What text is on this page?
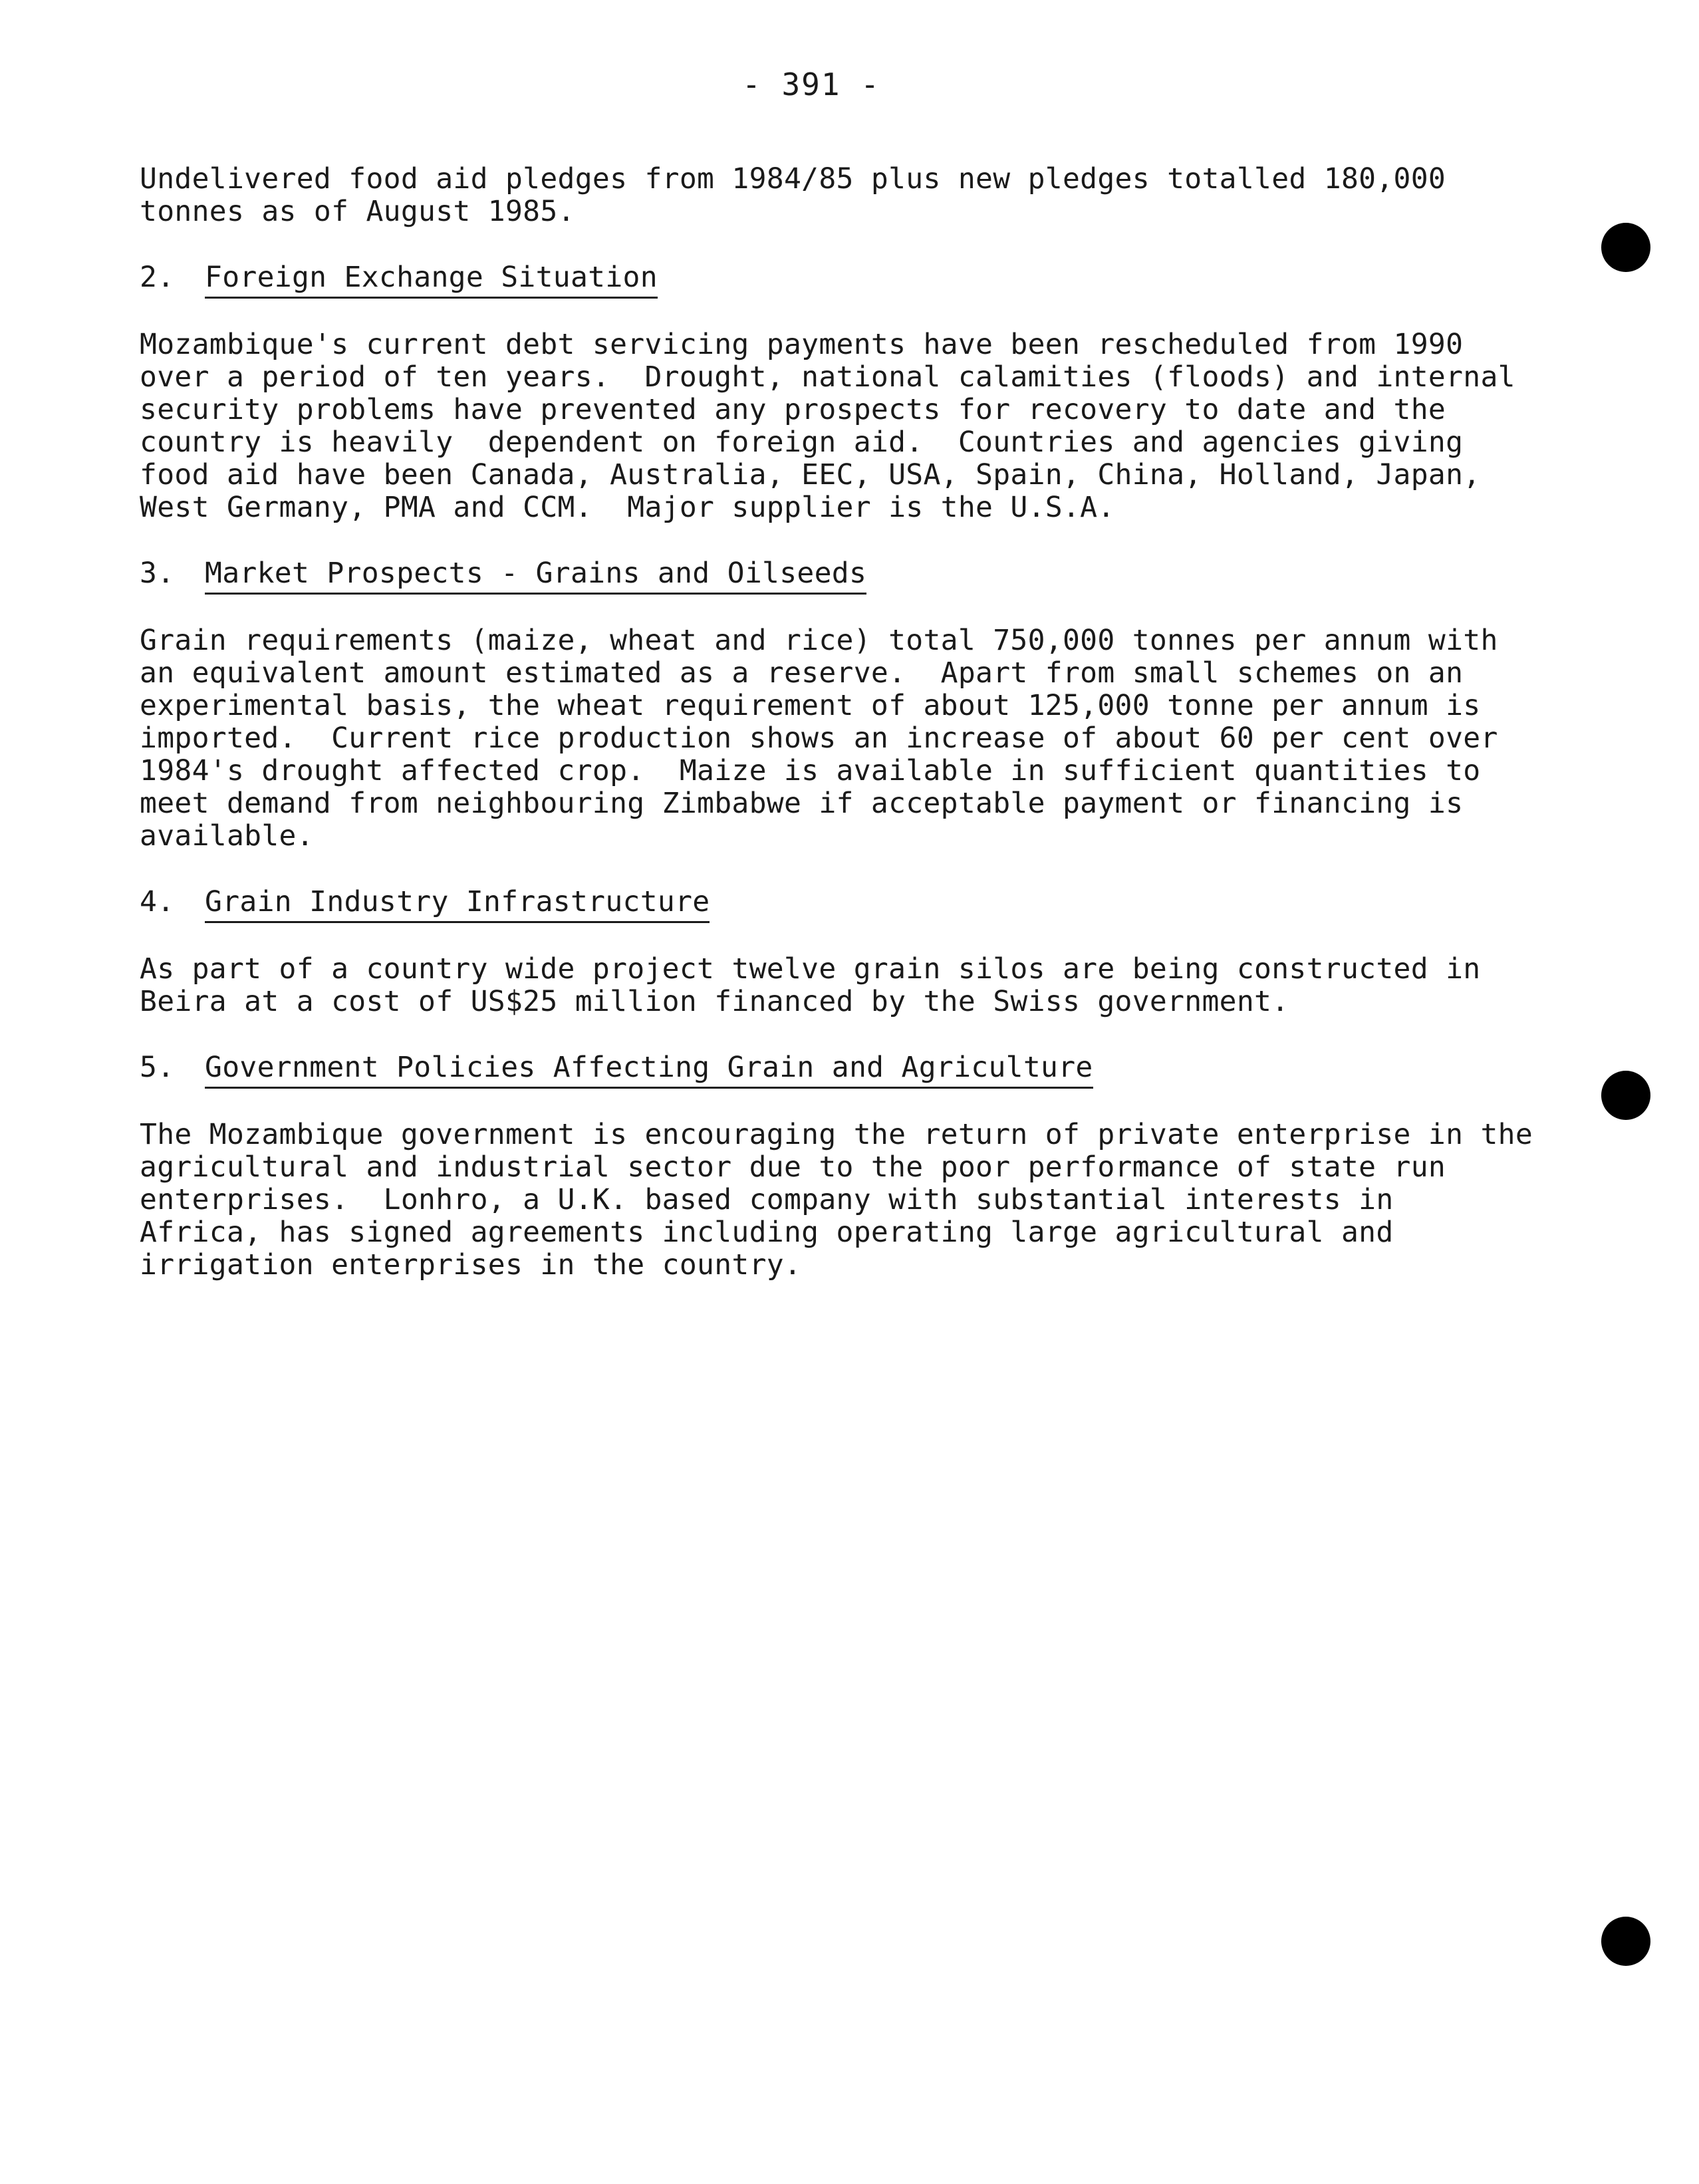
- 391 -

Undelivered food aid pledges from 1984/85 plus new pledges totalled 180,000
tonnes as of August 1985.

2. Foreign Exchange Situation

Mozambique's current debt servicing payments have been rescheduled from 1990
over a period of ten years.  Drought, national calamities (floods) and internal
security problems have prevented any prospects for recovery to date and the
country is heavily  dependent on foreign aid.  Countries and agencies giving
food aid have been Canada, Australia, EEC, USA, Spain, China, Holland, Japan,
West Germany, PMA and CCM.  Major supplier is the U.S.A.

3. Market Prospects - Grains and Oilseeds

Grain requirements (maize, wheat and rice) total 750,000 tonnes per annum with
an equivalent amount estimated as a reserve.  Apart from small schemes on an
experimental basis, the wheat requirement of about 125,000 tonne per annum is
imported.  Current rice production shows an increase of about 60 per cent over
1984's drought affected crop.  Maize is available in sufficient quantities to
meet demand from neighbouring Zimbabwe if acceptable payment or financing is
available.

4. Grain Industry Infrastructure

As part of a country wide project twelve grain silos are being constructed in
Beira at a cost of US$25 million financed by the Swiss government.

5. Government Policies Affecting Grain and Agriculture

The Mozambique government is encouraging the return of private enterprise in the
agricultural and industrial sector due to the poor performance of state run
enterprises.  Lonhro, a U.K. based company with substantial interests in
Africa, has signed agreements including operating large agricultural and
irrigation enterprises in the country.
